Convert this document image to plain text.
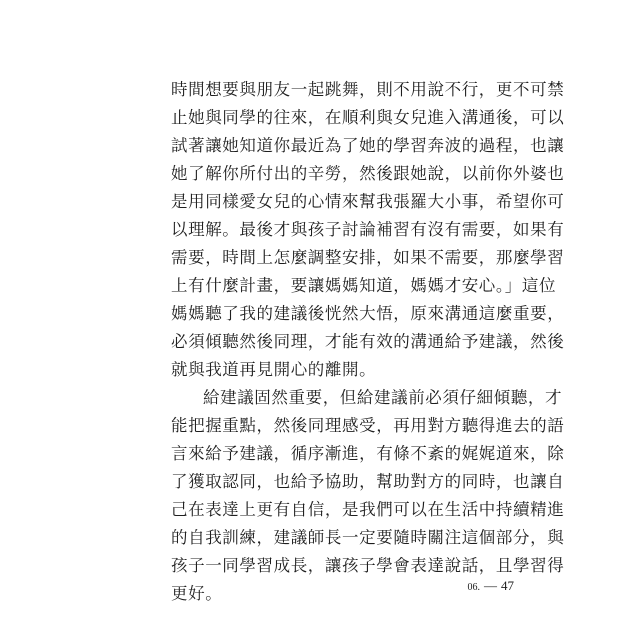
時間想要與朋友一起跳舞，則不用說不行，更不可禁
止她與同學的往來，在順利與女兒進入溝通後，可以
試著讓她知道你最近為了她的學習奔波的過程，也讓
她了解你所付出的辛勞，然後跟她說，以前你外婆也
是用同樣愛女兒的心情來幫我張羅大小事，希望你可
以理解。最後才與孩子討論補習有沒有需要，如果有
需要，時間上怎麼調整安排，如果不需要，那麼學習
上有什麼計畫，要讓媽媽知道，媽媽才安心。」這位
媽媽聽了我的建議後恍然大悟，原來溝通這麼重要，
必須傾聽然後同理，才能有效的溝通給予建議，然後
就與我道再見開心的離開。
給建議固然重要，但給建議前必須仔細傾聽，才
能把握重點，然後同理感受，再用對方聽得進去的語
言來給予建議，循序漸進，有條不紊的娓娓道來，除
了獲取認同，也給予協助，幫助對方的同時，也讓自
己在表達上更有自信，是我們可以在生活中持續精進
的自我訓練，建議師長一定要隨時關注這個部分，與
孩子一同學習成長，讓孩子學會表達說話，且學習得
更好。	06. — 47
